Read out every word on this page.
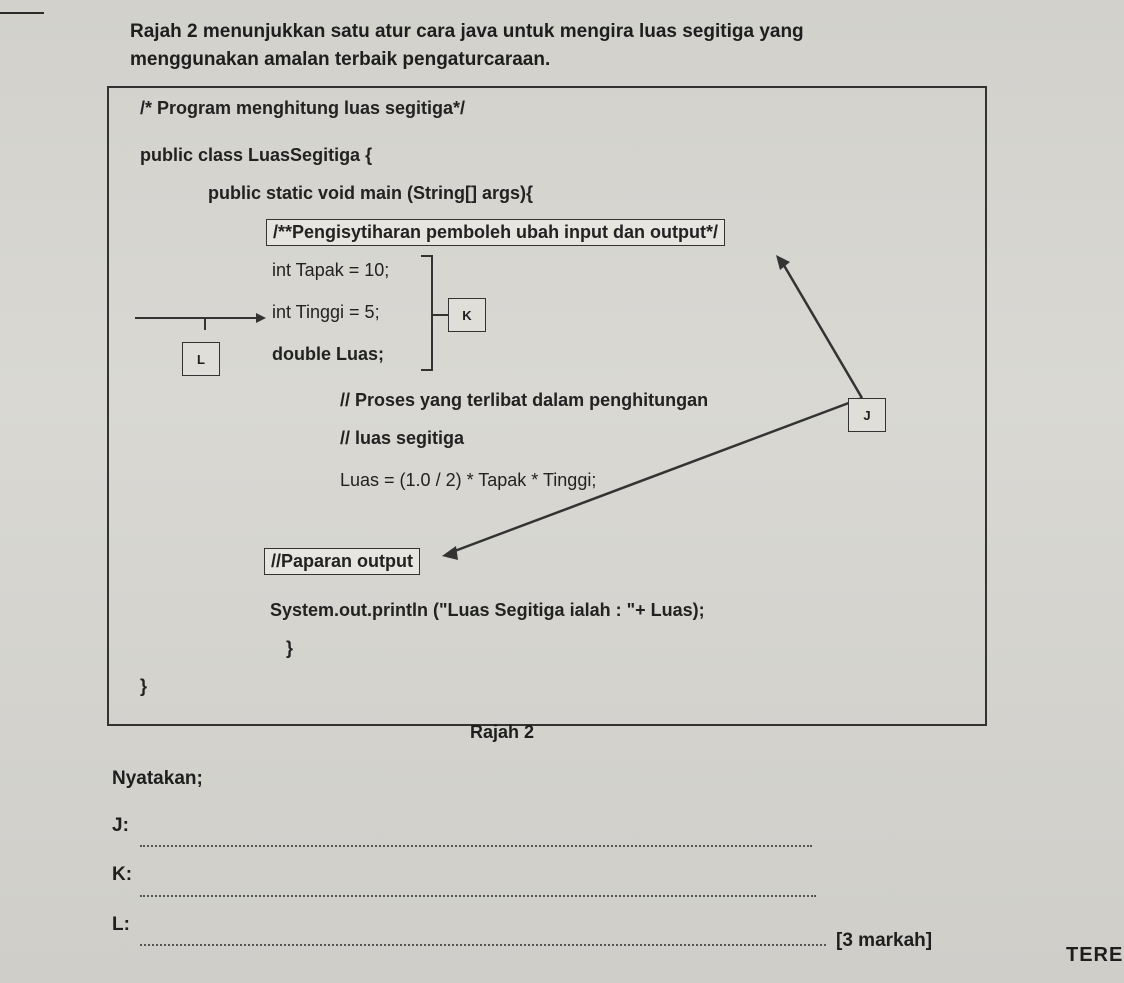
Rajah 2 menunjukkan satu atur cara java untuk mengira luas segitiga yang
menggunakan amalan terbaik pengaturcaraan.
/* Program menghitung luas segitiga*/
public class LuasSegitiga {
public static void main (String[] args){
/**Pengisytiharan pemboleh ubah input dan output*/
int Tapak = 10;
int Tinggi = 5;
double Luas;
K
L
J
// Proses yang terlibat dalam penghitungan
// luas segitiga
Luas = (1.0 / 2) * Tapak * Tinggi;
//Paparan output
System.out.println ("Luas Segitiga ialah : "+ Luas);
}
}
Rajah 2
Nyatakan;
J:
K:
L:
[3 markah]
TERE
